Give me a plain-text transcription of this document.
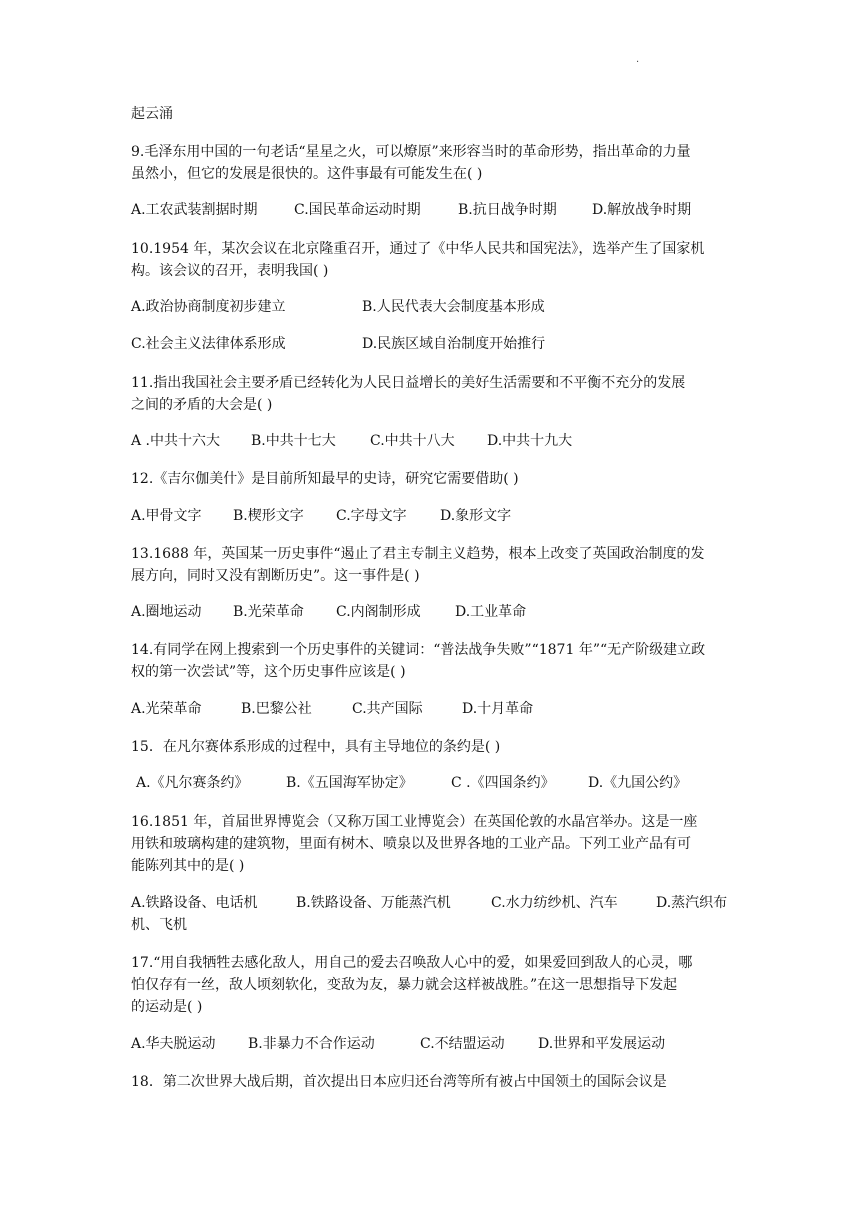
.
起云涌
9.毛泽东用中国的一句老话“星星之火，可以燎原”来形容当时的革命形势，指出革命的力量
虽然小，但它的发展是很快的。这件事最有可能发生在( )
A.工农武装割据时期	C.国民革命运动时期	B.抗日战争时期	D.解放战争时期
10.1954 年，某次会议在北京隆重召开，通过了《中华人民共和国宪法》，选举产生了国家机
构。该会议的召开，表明我国( )
A.政治协商制度初步建立	B.人民代表大会制度基本形成
C.社会主义法律体系形成	D.民族区域自治制度开始推行
11.指出我国社会主要矛盾已经转化为人民日益增长的美好生活需要和不平衡不充分的发展
之间的矛盾的大会是( )
A .中共十六大 B.中共十七大 C.中共十八大 D.中共十九大
12.《吉尔伽美什》是目前所知最早的史诗，研究它需要借助( )
A.甲骨文字 B.楔形文字 C.字母文字 D.象形文字
13.1688 年，英国某一历史事件“遏止了君主专制主义趋势，根本上改变了英国政治制度的发
展方向，同时又没有割断历史”。这一事件是( )
A.圈地运动 B.光荣革命 C.内阁制形成 D.工业革命
14.有同学在网上搜索到一个历史事件的关键词：“普法战争失败”“1871 年”“无产阶级建立政
权的第一次尝试”等，这个历史事件应该是( )
A.光荣革命	B.巴黎公社	C.共产国际	D.十月革命
15．在凡尔赛体系形成的过程中，具有主导地位的条约是( )
A.《凡尔赛条约》	B.《五国海军协定》	C .《四国条约》 D.《九国公约》
16.1851 年，首届世界博览会（又称万国工业博览会）在英国伦敦的水晶宫举办。这是一座
用铁和玻璃构建的建筑物，里面有树木、喷泉以及世界各地的工业产品。下列工业产品有可
能陈列其中的是( )
A.铁路设备、电话机	B.铁路设备、万能蒸汽机	C.水力纺纱机、汽车	D.蒸汽织布
机、飞机
17.“用自我牺牲去感化敌人，用自己的爱去召唤敌人心中的爱，如果爱回到敌人的心灵，哪
怕仅存有一丝，敌人顷刻软化，变敌为友，暴力就会这样被战胜。”在这一思想指导下发起
的运动是( )
A.华夫脱运动 B.非暴力不合作运动	C.不结盟运动 D.世界和平发展运动
18．第二次世界大战后期，首次提出日本应归还台湾等所有被占中国领土的国际会议是
